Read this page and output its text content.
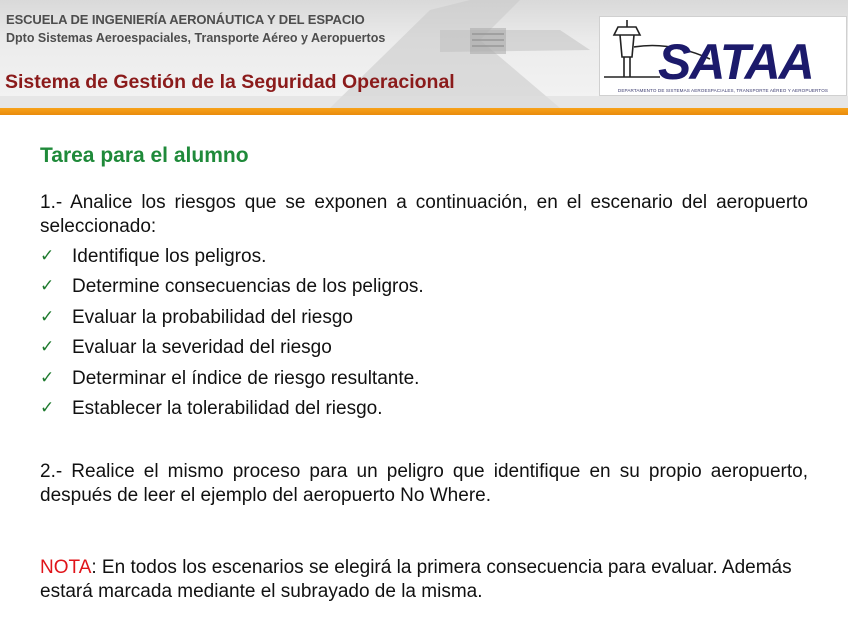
ESCUELA DE INGENIERÍA AERONÁUTICA Y DEL ESPACIO
Dpto Sistemas Aeroespaciales, Transporte Aéreo y Aeropuertos
Sistema de Gestión de la Seguridad Operacional	SATAA
DEPARTAMENTO DE SISTEMAS AEROESPACIALES, TRANSPORTE AÉREO Y AEROPUERTOS
Tarea para el alumno
1.- Analice los riesgos que se exponen a continuación, en el escenario del aeropuerto seleccionado:
✓ Identifique los peligros.
✓ Determine consecuencias de los peligros.
✓ Evaluar la probabilidad del riesgo
✓ Evaluar la severidad del riesgo
✓ Determinar el índice de riesgo resultante.
✓ Establecer la tolerabilidad del riesgo.
2.- Realice el mismo proceso para un peligro que identifique en su propio aeropuerto, después de leer el ejemplo del aeropuerto No Where.
NOTA: En todos los escenarios se elegirá la primera consecuencia para evaluar. Además estará marcada mediante el subrayado de la misma.
